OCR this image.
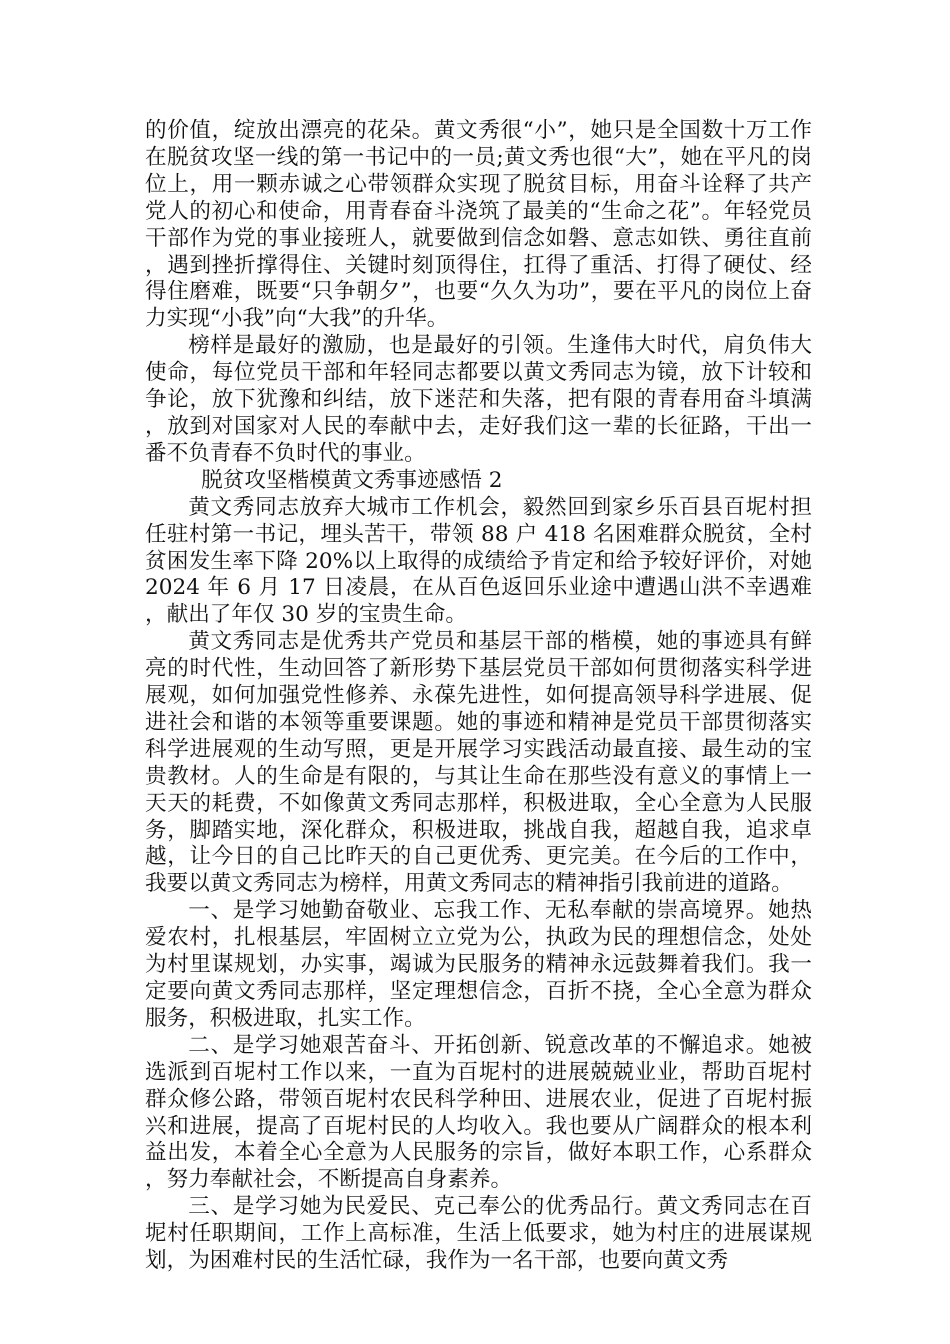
的价值，绽放出漂亮的花朵。黄文秀很“小”，她只是全国数十万工作在脱贫攻坚一线的第一书记中的一员;黄文秀也很“大”，她在平凡的岗位上，用一颗赤诚之心带领群众实现了脱贫目标，用奋斗诠释了共产党人的初心和使命，用青春奋斗浇筑了最美的“生命之花”。年轻党员干部作为党的事业接班人，就要做到信念如磐、意志如铁、勇往直前，遇到挫折撑得住、关键时刻顶得住，扛得了重活、打得了硬仗、经得住磨难，既要“只争朝夕”，也要“久久为功”，要在平凡的岗位上奋力实现“小我”向“大我”的升华。

榜样是最好的激励，也是最好的引领。生逢伟大时代，肩负伟大使命，每位党员干部和年轻同志都要以黄文秀同志为镜，放下计较和争论，放下犹豫和纠结，放下迷茫和失落，把有限的青春用奋斗填满，放到对国家对人民的奉献中去，走好我们这一辈的长征路，干出一番不负青春不负时代的事业。

脱贫攻坚楷模黄文秀事迹感悟 2

黄文秀同志放弃大城市工作机会，毅然回到家乡乐百县百坭村担任驻村第一书记，埋头苦干，带领 88 户 418 名困难群众脱贫，全村贫困发生率下降 20%以上取得的成绩给予肯定和给予较好评价，对她 2024 年 6 月 17 日凌晨，在从百色返回乐业途中遭遇山洪不幸遇难，献出了年仅 30 岁的宝贵生命。

黄文秀同志是优秀共产党员和基层干部的楷模，她的事迹具有鲜亮的时代性，生动回答了新形势下基层党员干部如何贯彻落实科学进展观，如何加强党性修养、永葆先进性，如何提高领导科学进展、促进社会和谐的本领等重要课题。她的事迹和精神是党员干部贯彻落实科学进展观的生动写照，更是开展学习实践活动最直接、最生动的宝贵教材。人的生命是有限的，与其让生命在那些没有意义的事情上一天天的耗费，不如像黄文秀同志那样，积极进取，全心全意为人民服务，脚踏实地，深化群众，积极进取，挑战自我，超越自我，追求卓越，让今日的自己比昨天的自己更优秀、更完美。在今后的工作中，我要以黄文秀同志为榜样，用黄文秀同志的精神指引我前进的道路。

一、是学习她勤奋敬业、忘我工作、无私奉献的崇高境界。她热爱农村，扎根基层，牢固树立立党为公，执政为民的理想信念，处处为村里谋规划，办实事，竭诚为民服务的精神永远鼓舞着我们。我一定要向黄文秀同志那样，坚定理想信念，百折不挠，全心全意为群众服务，积极进取，扎实工作。

二、是学习她艰苦奋斗、开拓创新、锐意改革的不懈追求。她被选派到百坭村工作以来，一直为百坭村的进展兢兢业业，帮助百坭村群众修公路，带领百坭村农民科学种田、进展农业，促进了百坭村振兴和进展，提高了百坭村民的人均收入。我也要从广阔群众的根本利益出发，本着全心全意为人民服务的宗旨，做好本职工作，心系群众，努力奉献社会，不断提高自身素养。

三、是学习她为民爱民、克己奉公的优秀品行。黄文秀同志在百坭村任职期间，工作上高标准，生活上低要求，她为村庄的进展谋规划，为困难村民的生活忙碌，我作为一名干部，也要向黄文秀
